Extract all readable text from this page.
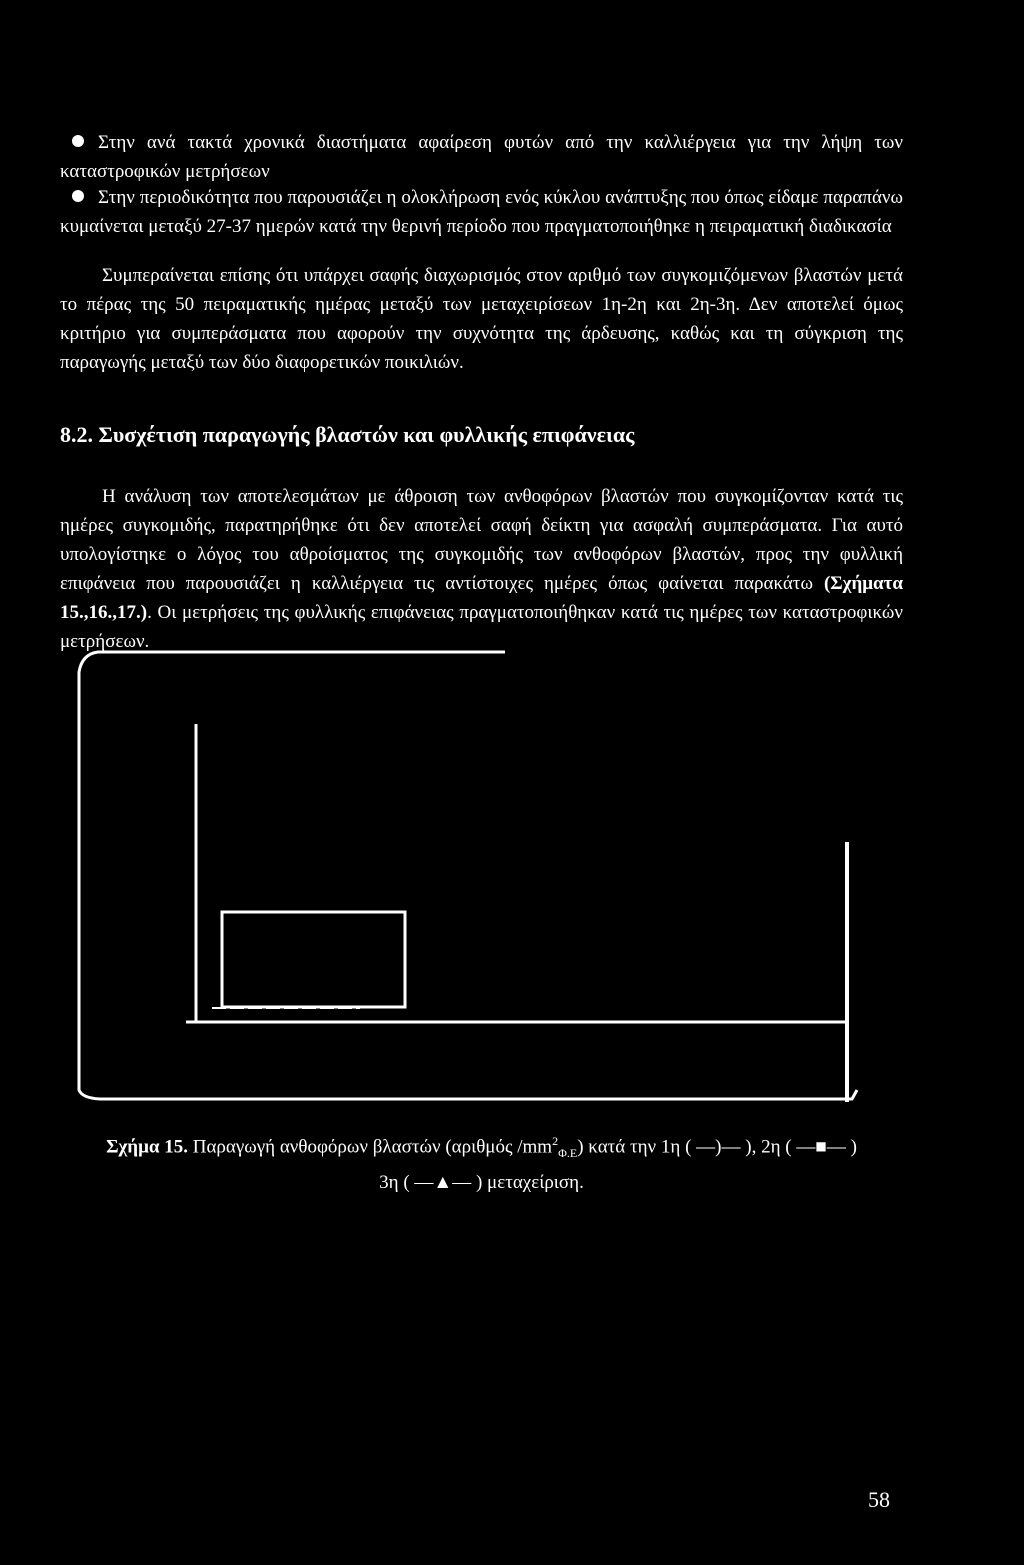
Στην ανά τακτά χρονικά διαστήματα αφαίρεση φυτών από την καλλιέργεια για την λήψη των καταστροφικών μετρήσεων

Στην περιοδικότητα που παρουσιάζει η ολοκλήρωση ενός κύκλου ανάπτυξης που όπως είδαμε παραπάνω κυμαίνεται μεταξύ 27-37 ημερών κατά την θερινή περίοδο που πραγματοποιήθηκε η πειραματική διαδικασία

Συμπεραίνεται επίσης ότι υπάρχει σαφής διαχωρισμός στον αριθμό των συγκομιζόμενων βλαστών μετά το πέρας της 50 πειραματικής ημέρας μεταξύ των μεταχειρίσεων 1η-2η και 2η-3η. Δεν αποτελεί όμως κριτήριο για συμπεράσματα που αφορούν την συχνότητα της άρδευσης, καθώς και τη σύγκριση της παραγωγής μεταξύ των δύο διαφορετικών ποικιλιών.

8.2. Συσχέτιση παραγωγής βλαστών και φυλλικής επιφάνειας

Η ανάλυση των αποτελεσμάτων με άθροιση των ανθοφόρων βλαστών που συγκομίζονταν κατά τις ημέρες συγκομιδής, παρατηρήθηκε ότι δεν αποτελεί σαφή δείκτη για ασφαλή συμπεράσματα. Για αυτό υπολογίστηκε ο λόγος του αθροίσματος της συγκομιδής των ανθοφόρων βλαστών, προς την φυλλική επιφάνεια που παρουσιάζει η καλλιέργεια τις αντίστοιχες ημέρες όπως φαίνεται παρακάτω (Σχήματα 15.,16.,17.). Οι μετρήσεις της φυλλικής επιφάνειας πραγματοποιήθηκαν κατά τις ημέρες των καταστροφικών μετρήσεων.

Σχήμα 15. Παραγωγή ανθοφόρων βλαστών (αριθμός $/mm^2_{\Phi.E}$) κατά την 1η ( —)— ), 2η ( —■— )
3η ( —▲— ) μεταχείριση.

58
